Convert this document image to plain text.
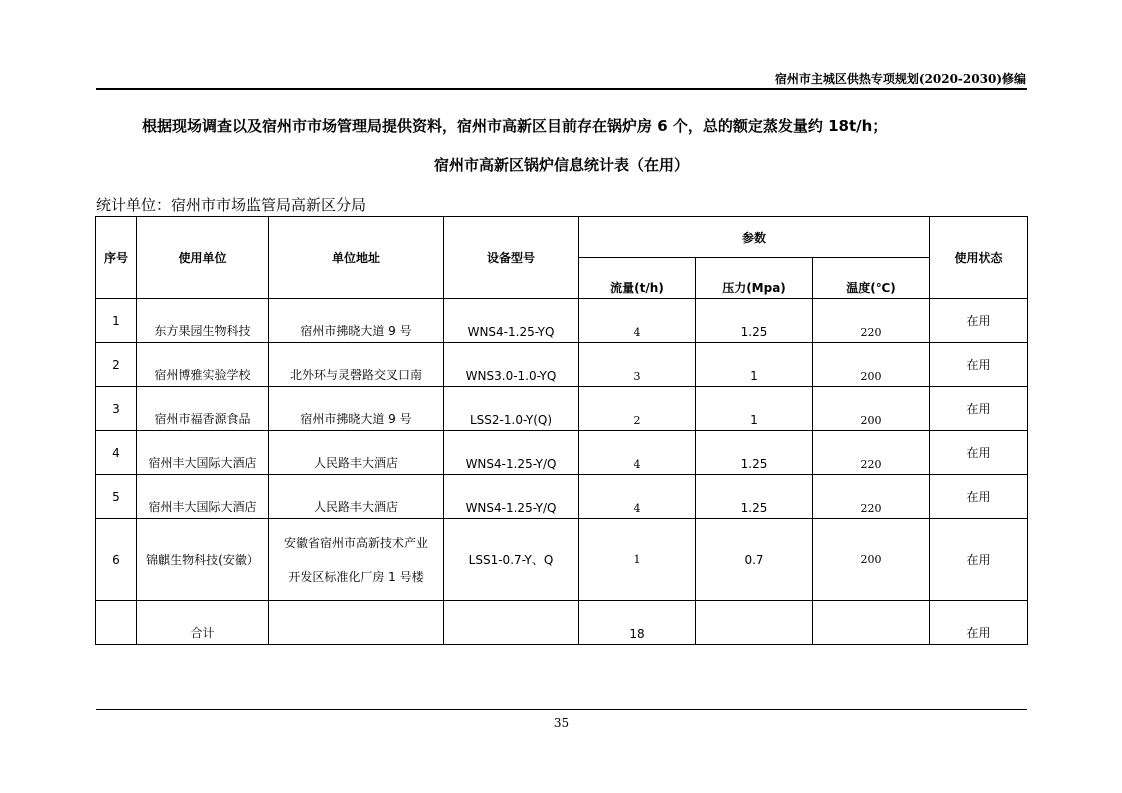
宿州市主城区供热专项规划(2020-2030)修编
根据现场调查以及宿州市市场管理局提供资料，宿州市高新区目前存在锅炉房 6 个，总的额定蒸发量约 18t/h；
宿州市高新区锅炉信息统计表（在用）
统计单位：宿州市市场监管局高新区分局
序号	使用单位	单位地址	设备型号	参数			使用状态
				流量(t/h)	压力(Mpa)	温度(℃)	
1	东方果园生物科技	宿州市拂晓大道 9 号	WNS4-1.25-YQ	4	1.25	220	在用
2	宿州博雅实验学校	北外环与灵磬路交叉口南	WNS3.0-1.0-YQ	3	1	200	在用
3	宿州市福香源食品	宿州市拂晓大道 9 号	LSS2-1.0-Y(Q)	2	1	200	在用
4	宿州丰大国际大酒店	人民路丰大酒店	WNS4-1.25-Y/Q	4	1.25	220	在用
5	宿州丰大国际大酒店	人民路丰大酒店	WNS4-1.25-Y/Q	4	1.25	220	在用
6	锦麒生物科技(安徽）	安徽省宿州市高新技术产业
开发区标准化厂房 1 号楼	LSS1-0.7-Y、Q	1	0.7	200	在用
	合计			18			在用
35
